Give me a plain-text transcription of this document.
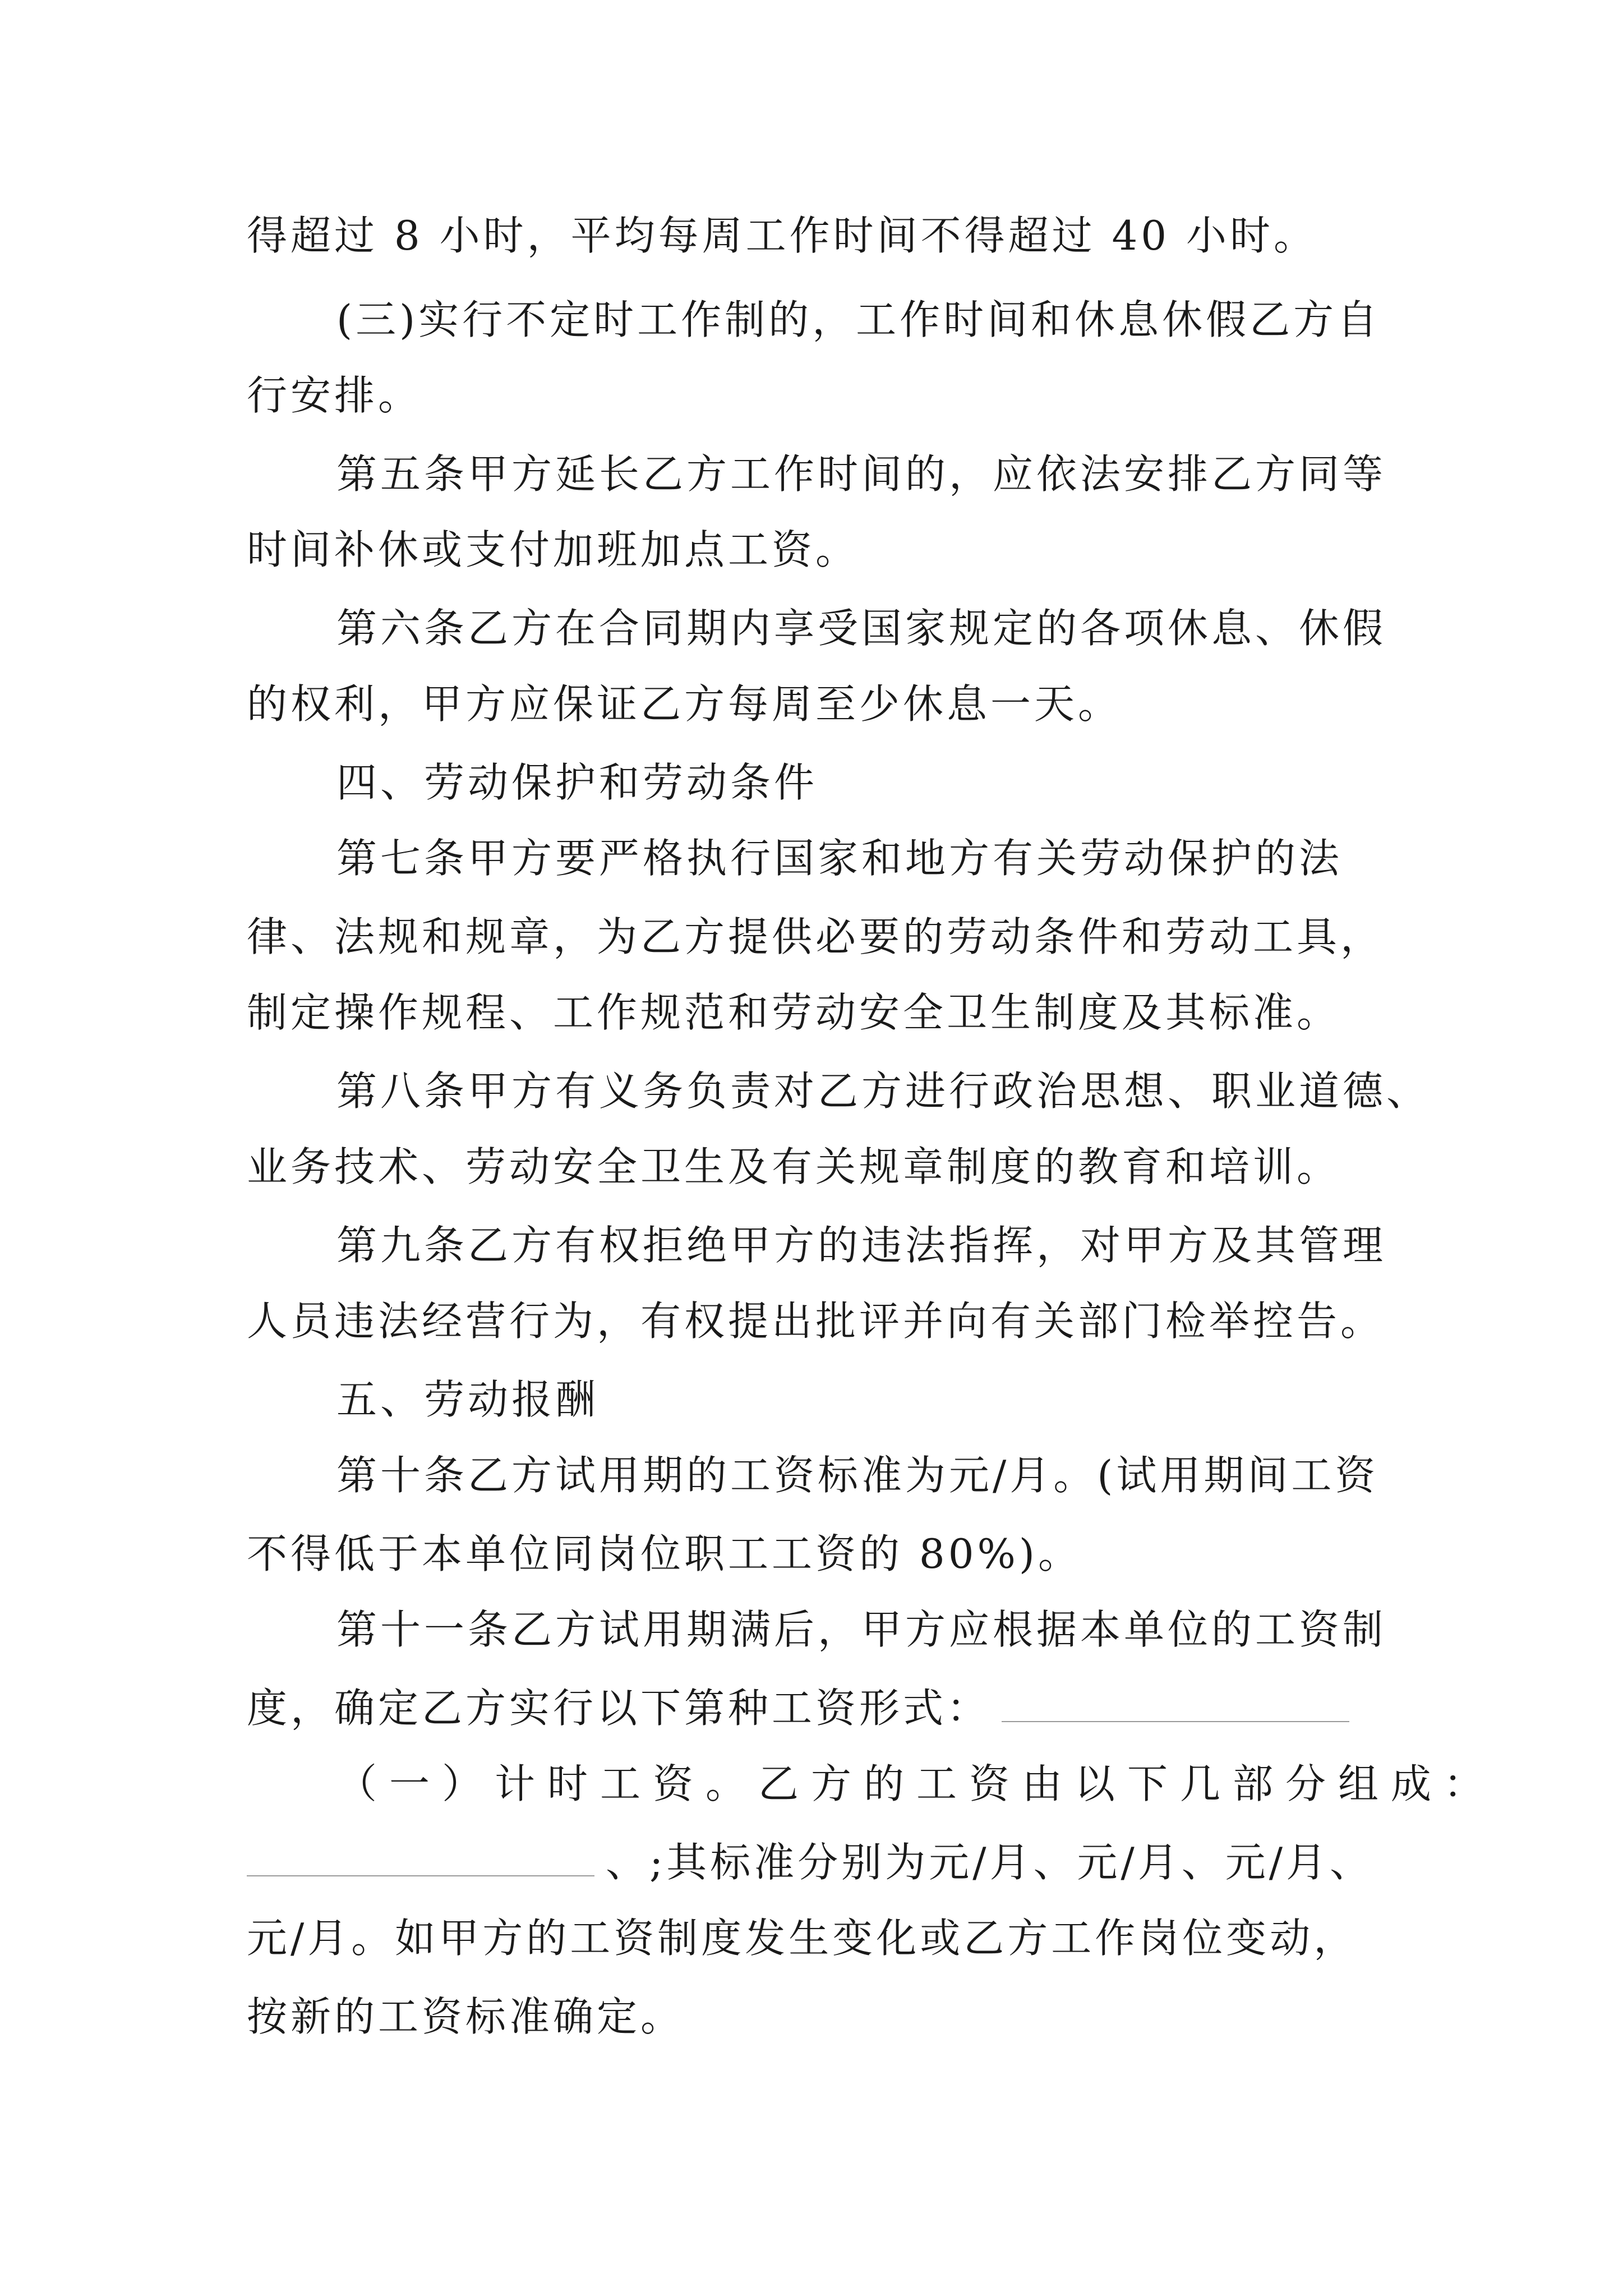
得超过 8 小时，平均每周工作时间不得超过 40 小时。
(三)实行不定时工作制的，工作时间和休息休假乙方自
行安排。
第五条甲方延长乙方工作时间的，应依法安排乙方同等
时间补休或支付加班加点工资。
第六条乙方在合同期内享受国家规定的各项休息、休假
的权利，甲方应保证乙方每周至少休息一天。
四、劳动保护和劳动条件
第七条甲方要严格执行国家和地方有关劳动保护的法
律、法规和规章，为乙方提供必要的劳动条件和劳动工具，
制定操作规程、工作规范和劳动安全卫生制度及其标准。
第八条甲方有义务负责对乙方进行政治思想、职业道德、
业务技术、劳动安全卫生及有关规章制度的教育和培训。
第九条乙方有权拒绝甲方的违法指挥，对甲方及其管理
人员违法经营行为，有权提出批评并向有关部门检举控告。
五、劳动报酬
第十条乙方试用期的工资标准为元/月。(试用期间工资
不得低于本单位同岗位职工工资的 80%)。
第十一条乙方试用期满后，甲方应根据本单位的工资制
度，确定乙方实行以下第种工资形式：
（一）计时工资。乙方的工资由以下几部分组成：
、;其标准分别为元/月、元/月、元/月、
元/月。如甲方的工资制度发生变化或乙方工作岗位变动，
按新的工资标准确定。
